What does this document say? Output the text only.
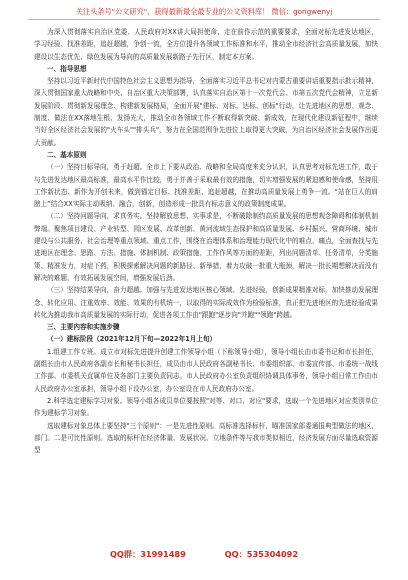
关注头条号"公文研究"，获得最新最全最专业的公文资料库！ 微信：gongwenyj

为深入贯彻落实自治区党委、人民政府对XX讲大局担使命、走在前作示范的重要要求，全面对标先进发达地区，学习经验、找准差距，追赶超越，争创一流，全方位提升各领域工作标准和水平，推动全市经济社会高质量发展，加快建设以生态优先、绿色发展为导向的高质量发展新路子先行区，制定本方案。

一、指导思想

坚持以习近平新时代中国特色社会主义思想为指导，全面落实习近平总书记对内蒙古重要讲话重要指示批示精神，深入贯彻国家重大战略和中央、自治区重大决策部署，认真落实自治区第十一次党代会、市第五次党代会精神，立足新发展阶段、贯彻新发展理念、构建新发展格局，全面开展"建标、对标、达标、创标"行动，让先进地区的思想、观念、制度、做法在XX落地生根、发扬光大，推动全市各领域工作不断取得新突破、新成效，在现代化建设新征程中，继续当好全区经济社会发展的"火车头""排头兵"，努力在全国范围争先进位上取得更大突破，为自治区经济社会发展作出更大贡献。

二、基本原则

（一）坚持目标导向，勇于赶超。全市上下要从政治、战略和全局高度来充分认识，认真思考对标先进工作，敢于与先进发达地区最高标准，最高水平作比较，勇于并善于采取最有效的措施，切实增强发展的紧迫感和使命感，坚持用工作新状态、新作为开创未来，做到锚定目标、找准差距、追赶超越，在推动高质量发展上勇争一流。“站在巨人的肩膀上”结合XX实际主动吸纳、融合，创新，创造形成一批具有标志意义的政策制度成果。

（二）坚持问题导向，求真务实。坚持解放思想、实事求是，不断破除制约高质量发展的思想观念障碍和体制机制弊端。聚焦项目建设、产业转型、园区发展、改革创新、黄河流域生态保护和高质量发展、乡村振兴、营商环境、城市建设与公共服务、社会治理等重点领域、重点工作，围绕在治理体系和治理能力现代化中的难点、痛点，全面查找与先进地区在理念、思路、方法、措施、体制机制、政策措施、工作作风等方面的差距，列出问题清单、任务清单，分类施策、精准发力，对症下药，积极探索解决问题的新路径、新举措，着力攻破一批重大瓶颈，解决一批长期想解决而没有解决的难题，有效拓展发展空间，增强发展后劲。

（三）坚持结果导向，奋力超越。加强与先进发达地区核心领域、先进经验，创新成果精准对标，加快推动发展理念、转化应用、注重效率、效能、效果的有机统一，以取得的实际成效作为检验标准，真正把先进地区的先进经验成果转化为推动我市高质量发展的实际行动，促进各项工作由"跟跑"逐步向"并跑""领跑"跨越。

三、主要内容和实施步骤

（一）建标阶段（2021年12月下旬—2022年1月上旬）

1.组建工作专班。成立市对标先进提升创建工作领导小组（下称领导小组），领导小组长由市委书记和市长担任，副组长由市人民政府各副市长和秘书长担任，成员由市人民政府各副秘书长、市委组织部、市委宣传部、市委统一战线工作部、市委机关直属单位及各部门主要负责同志。市人民政府办公室负责组织协调具体事务，领导小组日常工作由市人民政府办公室承担，领导小组下设办公室，办公室设在市人民政府办公室。

2.科学选定建标学习对象。领导小组各成员单位要按照"对等、对口、对应"要求，选取一个先进地区对应类别单位作为建标学习对象。

选取建标对象总体上要坚持"三个原则"：一是先进性原则。高标准选择标杆，瞄准国家部委通报典型做法的地区，部门。二是可比性原则。选取的标杆在经济体量、发展状况、立地条件等与我市类似相近，经济发展方面尽量选取资源型

QQ群：31991489	QQ：535304092
